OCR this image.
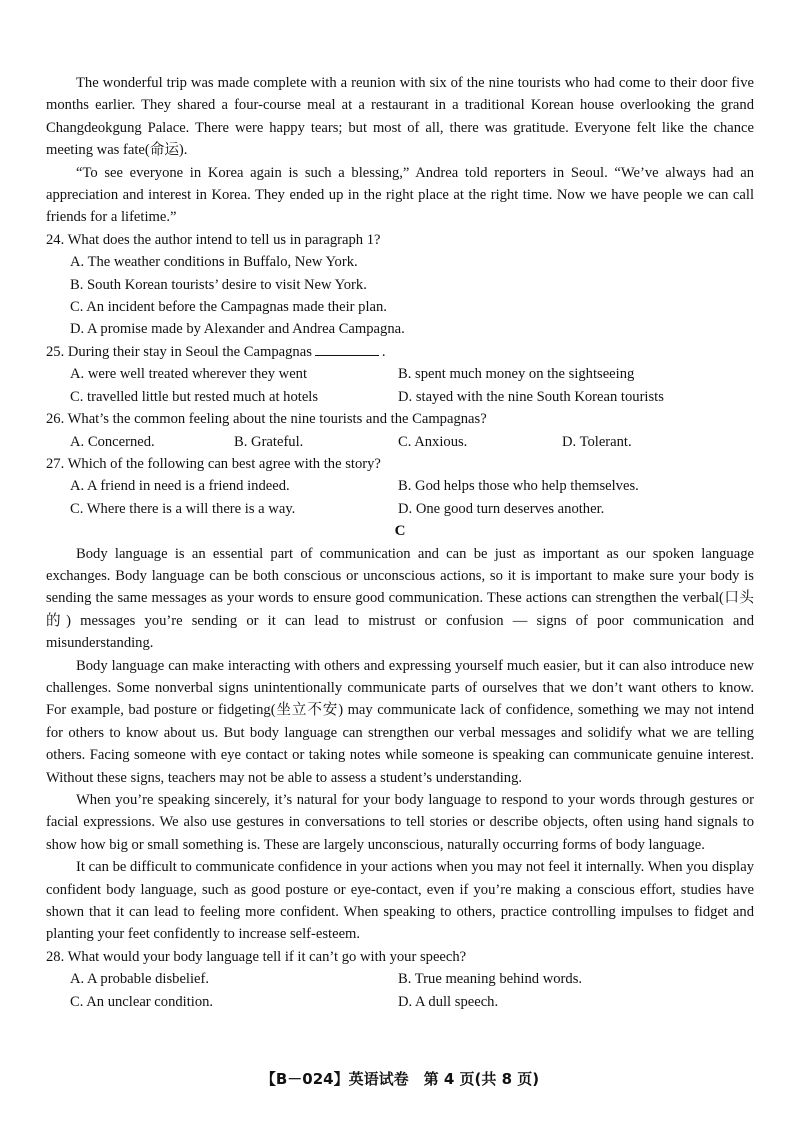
The wonderful trip was made complete with a reunion with six of the nine tourists who had come to their door five months earlier. They shared a four-course meal at a restaurant in a traditional Korean house overlooking the grand Changdeokgung Palace. There were happy tears; but most of all, there was gratitude. Everyone felt like the chance meeting was fate(命运).

“To see everyone in Korea again is such a blessing,” Andrea told reporters in Seoul. “We’ve always had an appreciation and interest in Korea. They ended up in the right place at the right time. Now we have people we can call friends for a lifetime.”

24. What does the author intend to tell us in paragraph 1?

A. The weather conditions in Buffalo, New York.

B. South Korean tourists’ desire to visit New York.

C. An incident before the Campagnas made their plan.

D. A promise made by Alexander and Andrea Campagna.

25. During their stay in Seoul the Campagnas	.

A. were well treated wherever they went	B. spent much money on the sightseeing
C. travelled little but rested much at hotels	D. stayed with the nine South Korean tourists

26. What’s the common feeling about the nine tourists and the Campagnas?

A. Concerned.	B. Grateful.	C. Anxious.	D. Tolerant.

27. Which of the following can best agree with the story?

A. A friend in need is a friend indeed.	B. God helps those who help themselves.
C. Where there is a will there is a way.	D. One good turn deserves another.

C

Body language is an essential part of communication and can be just as important as our spoken language exchanges. Body language can be both conscious or unconscious actions, so it is important to make sure your body is sending the same messages as your words to ensure good communication. These actions can strengthen the verbal(口头的) messages you’re sending or it can lead to mistrust or confusion — signs of poor communication and misunderstanding.

Body language can make interacting with others and expressing yourself much easier, but it can also introduce new challenges. Some nonverbal signs unintentionally communicate parts of ourselves that we don’t want others to know. For example, bad posture or fidgeting(坐立不安) may communicate lack of confidence, something we may not intend for others to know about us. But body language can strengthen our verbal messages and solidify what we are telling others. Facing someone with eye contact or taking notes while someone is speaking can communicate genuine interest. Without these signs, teachers may not be able to assess a student’s understanding.

When you’re speaking sincerely, it’s natural for your body language to respond to your words through gestures or facial expressions. We also use gestures in conversations to tell stories or describe objects, often using hand signals to show how big or small something is. These are largely unconscious, naturally occurring forms of body language.

It can be difficult to communicate confidence in your actions when you may not feel it internally. When you display confident body language, such as good posture or eye-contact, even if you’re making a conscious effort, studies have shown that it can lead to feeling more confident. When speaking to others, practice controlling impulses to fidget and planting your feet confidently to increase self-esteem.

28. What would your body language tell if it can’t go with your speech?

A. A probable disbelief.	B. True meaning behind words.
C. An unclear condition.	D. A dull speech.
【B－024】英语试卷　第 4 页(共 8 页)
